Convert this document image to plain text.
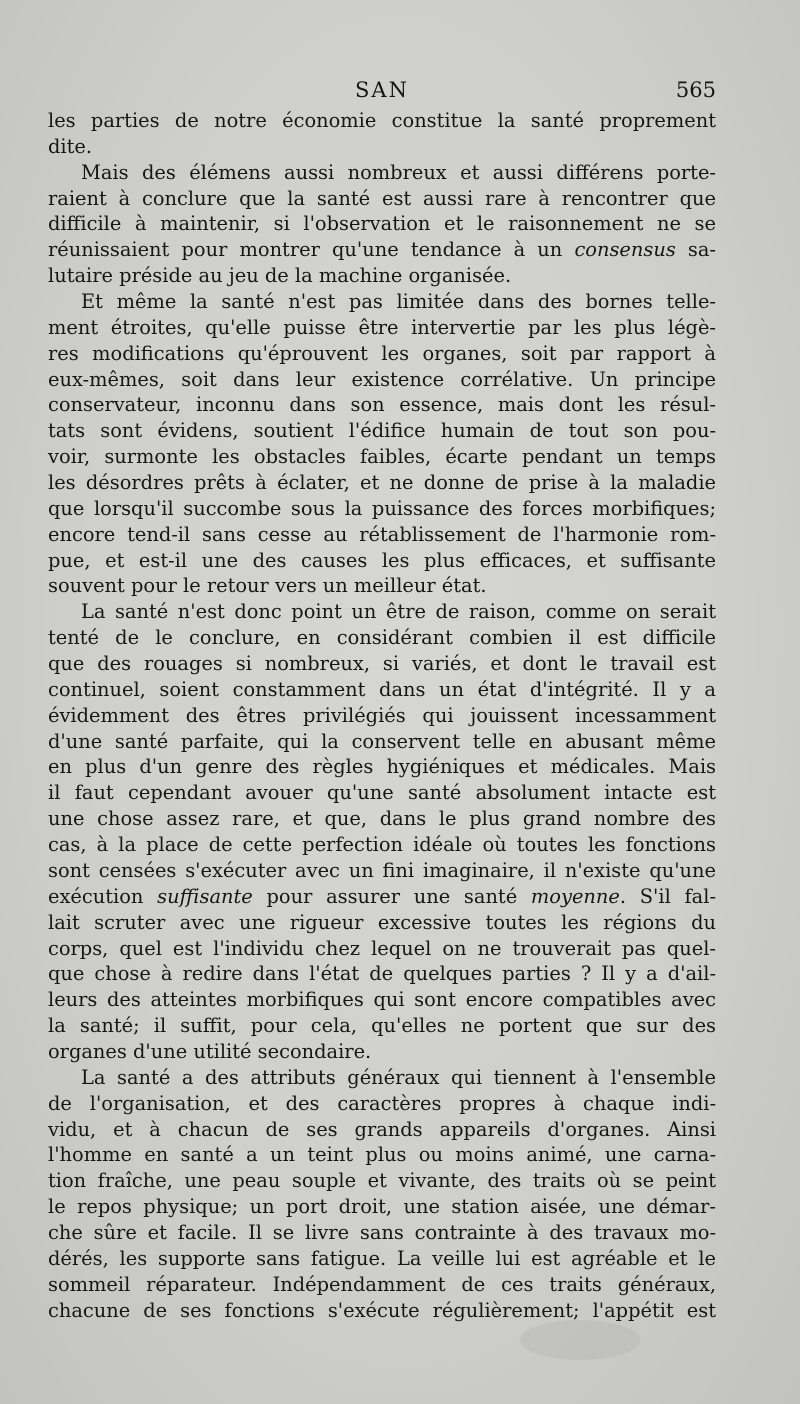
SAN	565
les parties de notre économie constitue la santé proprement
dite.
Mais des élémens aussi nombreux et aussi différens porte-
raient à conclure que la santé est aussi rare à rencontrer que
difficile à maintenir, si l'observation et le raisonnement ne se
réunissaient pour montrer qu'une tendance à un consensus sa-
lutaire préside au jeu de la machine organisée.
Et même la santé n'est pas limitée dans des bornes telle-
ment étroites, qu'elle puisse être intervertie par les plus légè-
res modifications qu'éprouvent les organes, soit par rapport à
eux-mêmes, soit dans leur existence corrélative. Un principe
conservateur, inconnu dans son essence, mais dont les résul-
tats sont évidens, soutient l'édifice humain de tout son pou-
voir, surmonte les obstacles faibles, écarte pendant un temps
les désordres prêts à éclater, et ne donne de prise à la maladie
que lorsqu'il succombe sous la puissance des forces morbifiques;
encore tend-il sans cesse au rétablissement de l'harmonie rom-
pue, et est-il une des causes les plus efficaces, et suffisante
souvent pour le retour vers un meilleur état.
La santé n'est donc point un être de raison, comme on serait
tenté de le conclure, en considérant combien il est difficile
que des rouages si nombreux, si variés, et dont le travail est
continuel, soient constamment dans un état d'intégrité. Il y a
évidemment des êtres privilégiés qui jouissent incessamment
d'une santé parfaite, qui la conservent telle en abusant même
en plus d'un genre des règles hygiéniques et médicales. Mais
il faut cependant avouer qu'une santé absolument intacte est
une chose assez rare, et que, dans le plus grand nombre des
cas, à la place de cette perfection idéale où toutes les fonctions
sont censées s'exécuter avec un fini imaginaire, il n'existe qu'une
exécution suffisante pour assurer une santé moyenne. S'il fal-
lait scruter avec une rigueur excessive toutes les régions du
corps, quel est l'individu chez lequel on ne trouverait pas quel-
que chose à redire dans l'état de quelques parties ? Il y a d'ail-
leurs des atteintes morbifiques qui sont encore compatibles avec
la santé; il suffit, pour cela, qu'elles ne portent que sur des
organes d'une utilité secondaire.
La santé a des attributs généraux qui tiennent à l'ensemble
de l'organisation, et des caractères propres à chaque indi-
vidu, et à chacun de ses grands appareils d'organes. Ainsi
l'homme en santé a un teint plus ou moins animé, une carna-
tion fraîche, une peau souple et vivante, des traits où se peint
le repos physique; un port droit, une station aisée, une démar-
che sûre et facile. Il se livre sans contrainte à des travaux mo-
dérés, les supporte sans fatigue. La veille lui est agréable et le
sommeil réparateur. Indépendamment de ces traits généraux,
chacune de ses fonctions s'exécute régulièrement; l'appétit est
